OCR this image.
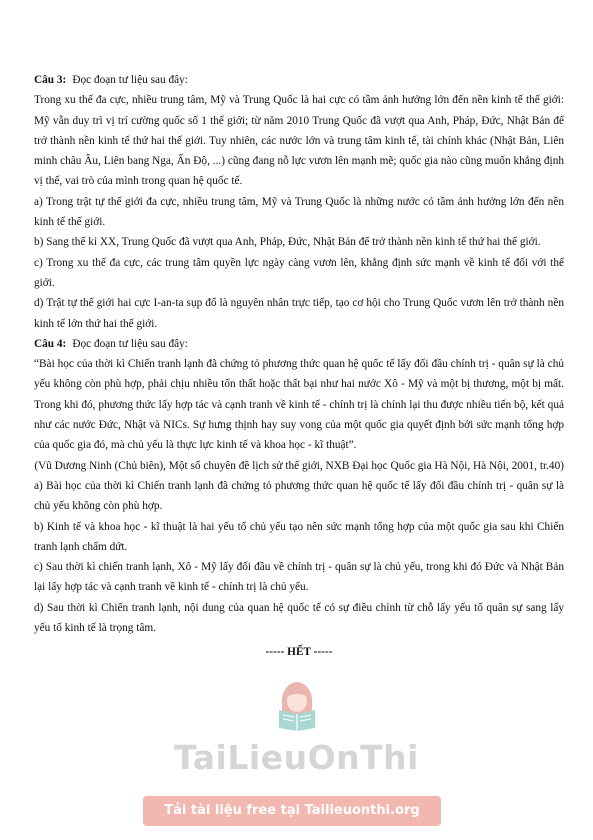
Câu 3: Đọc đoạn tư liệu sau đây:

Trong xu thế đa cực, nhiều trung tâm, Mỹ và Trung Quốc là hai cực có tầm ảnh hưởng lớn đến nền kinh tế thế giới: Mỹ vẫn duy trì vị trí cường quốc số 1 thế giới; từ năm 2010 Trung Quốc đã vượt qua Anh, Pháp, Đức, Nhật Bản để trở thành nền kinh tế thứ hai thế giới. Tuy nhiên, các nước lớn và trung tâm kinh tế, tài chính khác (Nhật Bản, Liên minh châu Âu, Liên bang Nga, Ấn Độ, ...) cũng đang nỗ lực vươn lên mạnh mẽ; quốc gia nào cũng muốn khẳng định vị thế, vai trò của mình trong quan hệ quốc tế.

a) Trong trật tự thế giới đa cực, nhiều trung tâm, Mỹ và Trung Quốc là những nước có tầm ảnh hưởng lớn đến nền kinh tế thế giới.

b) Sang thế kỉ XX, Trung Quốc đã vượt qua Anh, Pháp, Đức, Nhật Bản để trở thành nền kinh tế thứ hai thế giới.

c) Trong xu thế đa cực, các trung tâm quyền lực ngày càng vươn lên, khẳng định sức mạnh về kinh tế đối với thế giới.

d) Trật tự thế giới hai cực I-an-ta sụp đổ là nguyên nhân trực tiếp, tạo cơ hội cho Trung Quốc vươn lên trở thành nền kinh tế lớn thứ hai thế giới.

Câu 4: Đọc đoạn tư liệu sau đây:

“Bài học của thời kì Chiến tranh lạnh đã chứng tỏ phương thức quan hệ quốc tế lấy đối đầu chính trị - quân sự là chủ yếu không còn phù hợp, phải chịu nhiều tổn thất hoặc thất bại như hai nước Xô - Mỹ và một bị thương, một bị mất. Trong khi đó, phương thức lấy hợp tác và cạnh tranh về kinh tế - chính trị là chính lại thu được nhiều tiến bộ, kết quả như các nước Đức, Nhật và NICs. Sự hưng thịnh hay suy vong của một quốc gia quyết định bởi sức mạnh tổng hợp của quốc gia đó, mà chủ yếu là thực lực kinh tế và khoa học - kĩ thuật”.

(Vũ Dương Ninh (Chủ biên), Một số chuyên đề lịch sử thế giới, NXB Đại học Quốc gia Hà Nội, Hà Nội, 2001, tr.40)

a) Bài học của thời kì Chiến tranh lạnh đã chứng tỏ phương thức quan hệ quốc tế lấy đối đầu chính trị - quân sự là chủ yếu không còn phù hợp.

b) Kinh tế và khoa học - kĩ thuật là hai yếu tố chủ yếu tạo nên sức mạnh tổng hợp của một quốc gia sau khi Chiến tranh lạnh chấm dứt.

c) Sau thời kì chiến tranh lạnh, Xô - Mỹ lấy đối đầu về chính trị - quân sự là chủ yếu, trong khi đó Đức và Nhật Bản lại lấy hợp tác và cạnh tranh về kinh tế - chính trị là chủ yếu.

d) Sau thời kì Chiến tranh lạnh, nội dung của quan hệ quốc tế có sự điều chỉnh từ chỗ lấy yếu tố quân sự sang lấy yếu tố kinh tế là trọng tâm.

----- HẾT -----

TaiLieuOnThi
Tải tài liệu free tại Tailieuonthi.org
